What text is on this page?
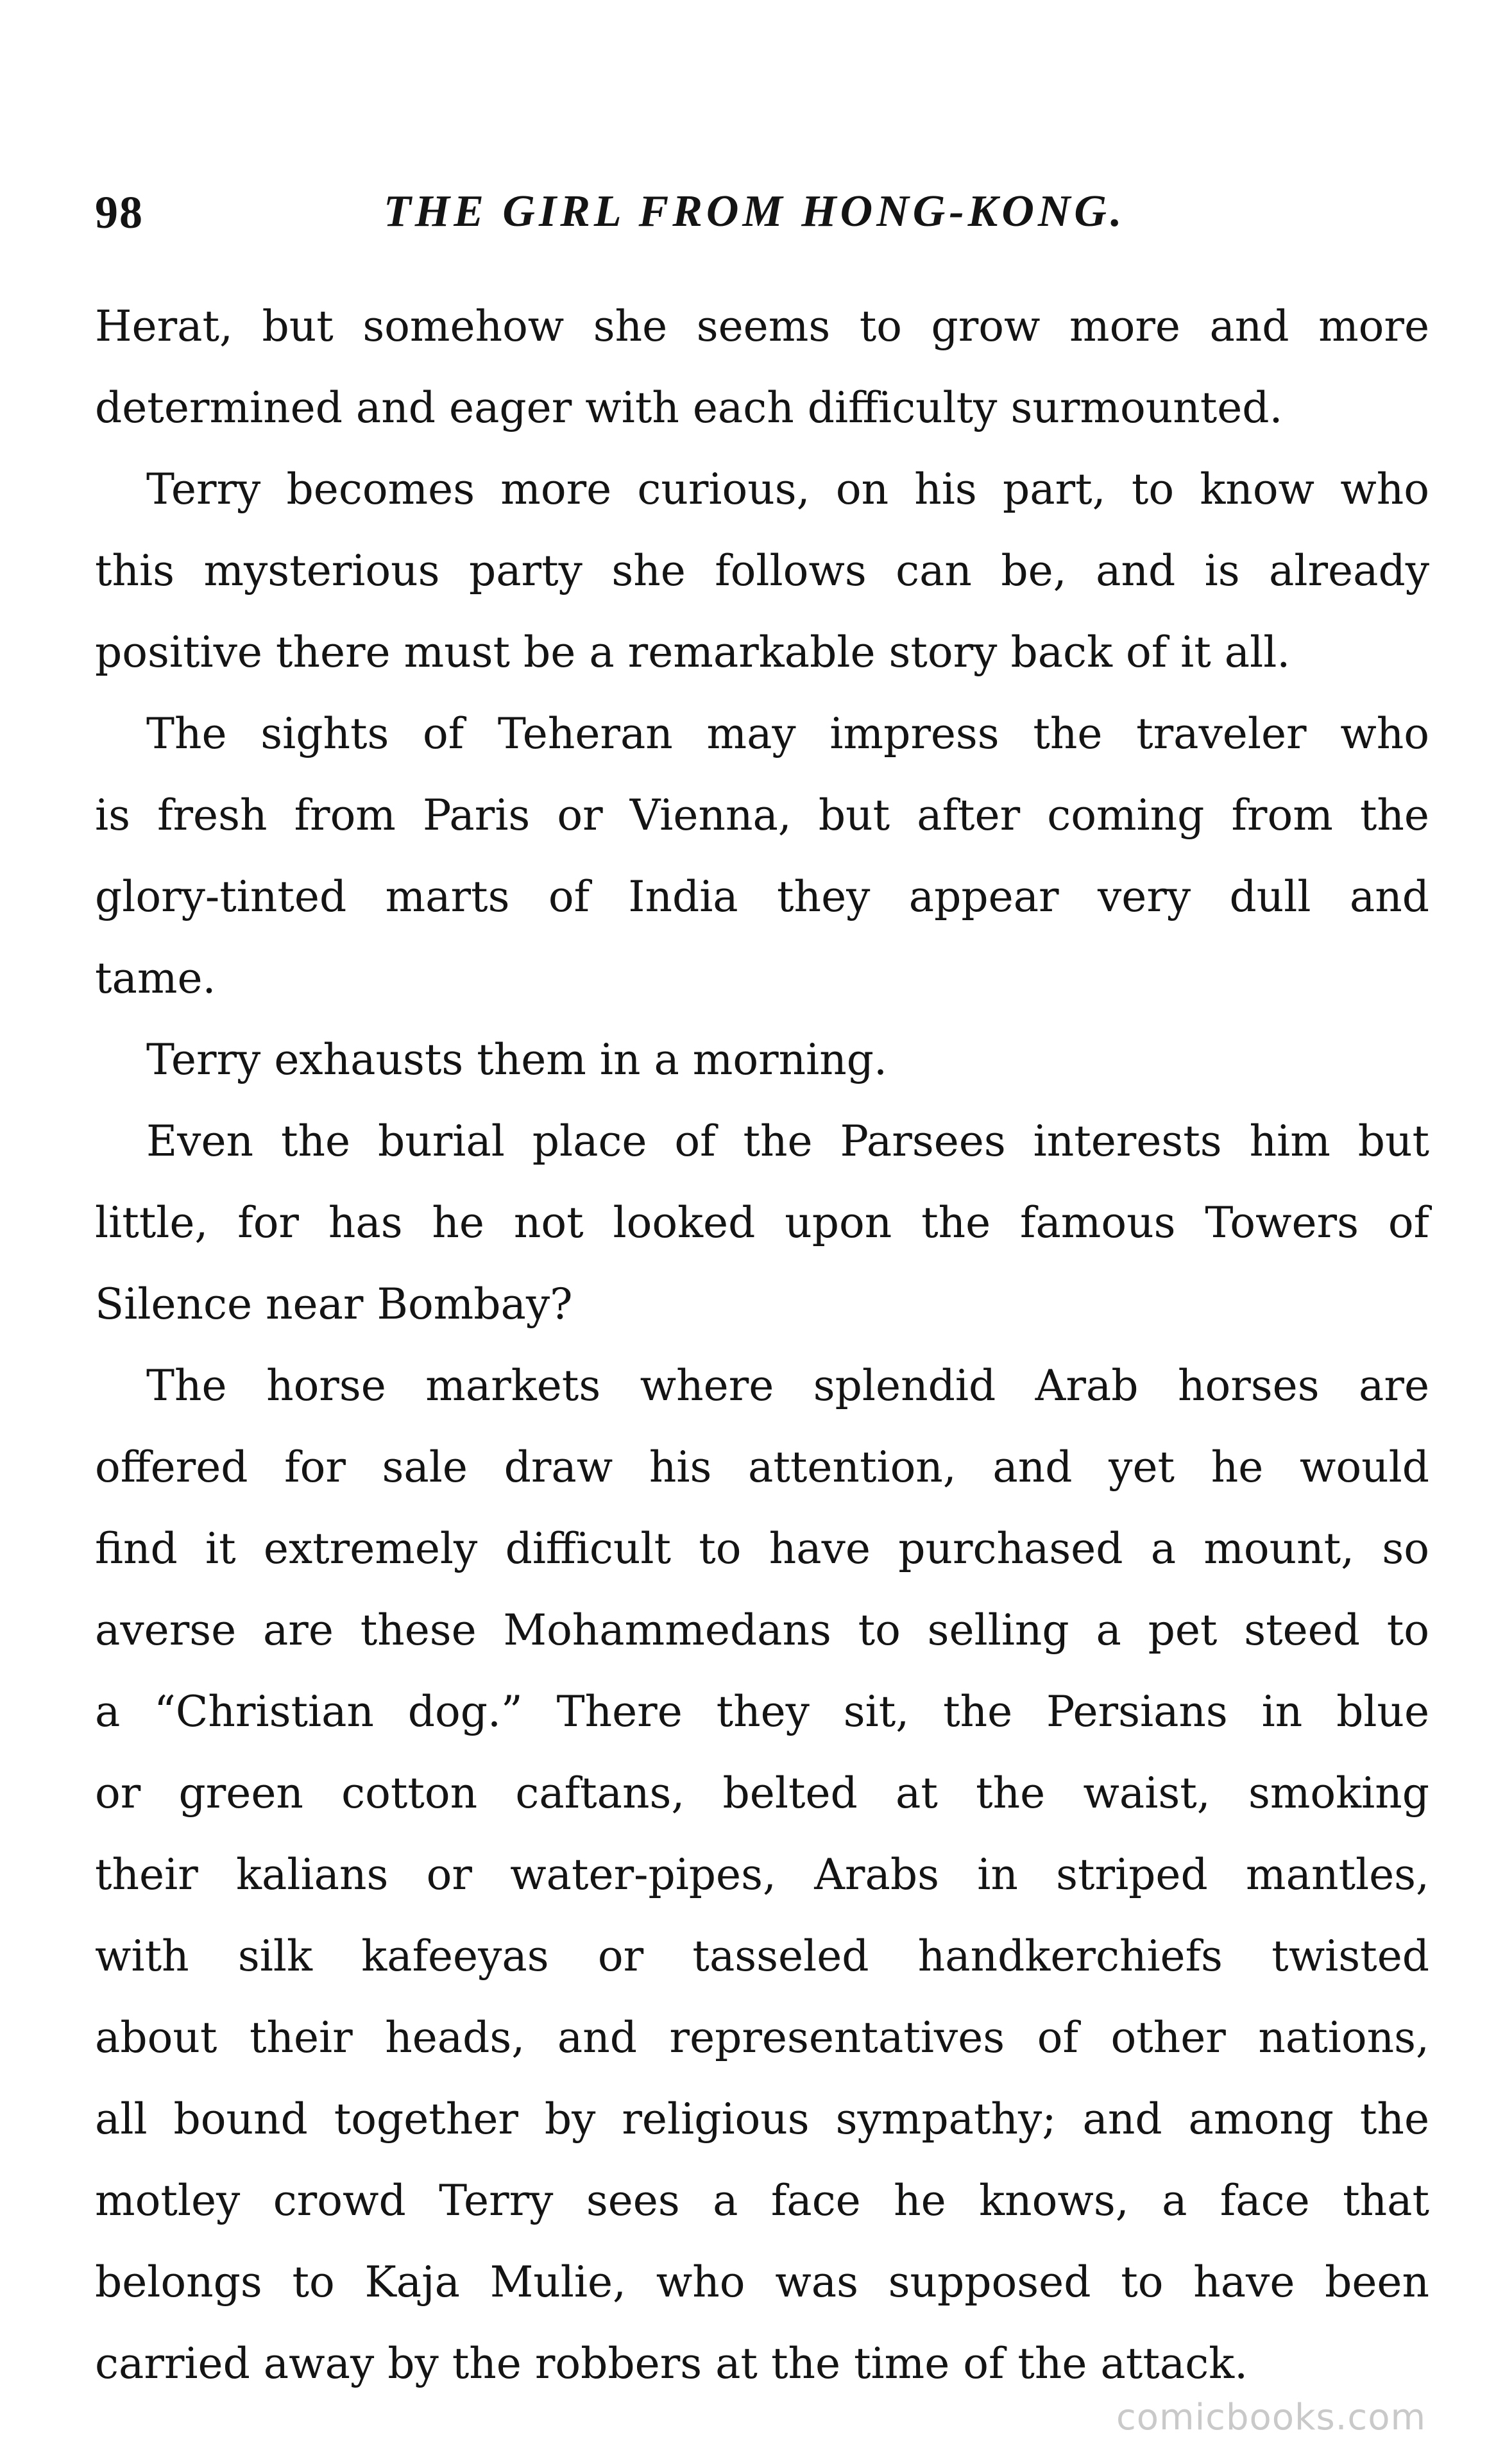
98	THE GIRL FROM HONG-KONG.
Herat, but somehow she seems to grow more and more
determined and eager with each difficulty surmounted.
Terry becomes more curious, on his part, to know who
this mysterious party she follows can be, and is already
positive there must be a remarkable story back of it all.
The sights of Teheran may impress the traveler who
is fresh from Paris or Vienna, but after coming from the
glory-tinted marts of India they appear very dull and
tame.
Terry exhausts them in a morning.
Even the burial place of the Parsees interests him but
little, for has he not looked upon the famous Towers of
Silence near Bombay?
The horse markets where splendid Arab horses are
offered for sale draw his attention, and yet he would
find it extremely difficult to have purchased a mount, so
averse are these Mohammedans to selling a pet steed to
a “Christian dog.” There they sit, the Persians in blue
or green cotton caftans, belted at the waist, smoking
their kalians or water-pipes, Arabs in striped mantles,
with silk kafeeyas or tasseled handkerchiefs twisted
about their heads, and representatives of other nations,
all bound together by religious sympathy; and among the
motley crowd Terry sees a face he knows, a face that
belongs to Kaja Mulie, who was supposed to have been
carried away by the robbers at the time of the attack.
comicbooks.com
